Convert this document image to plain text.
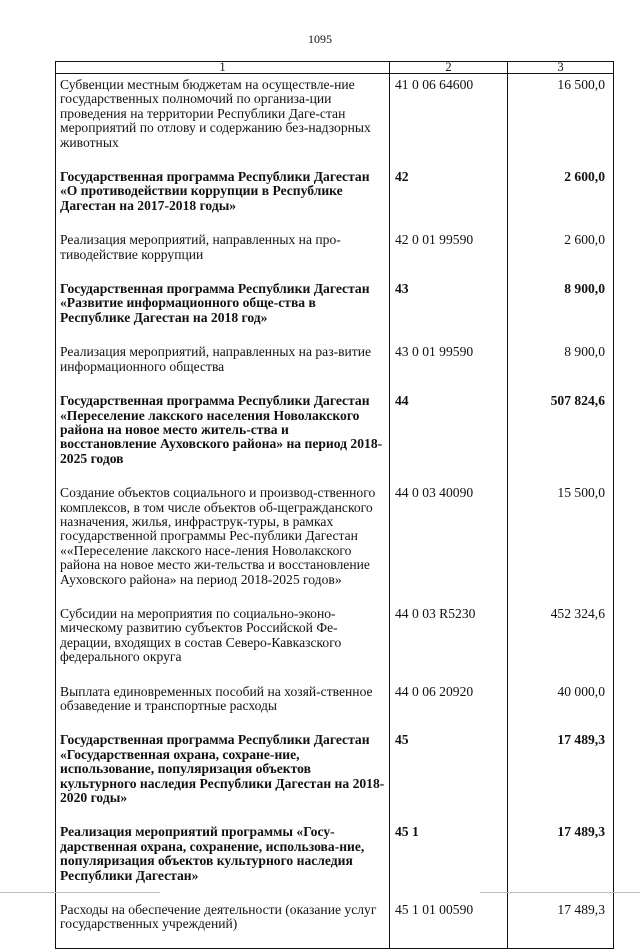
1095
1	2	3
Субвенции местным бюджетам на осуществле-ние государственных полномочий по организа-ции проведения на территории Республики Даге-стан мероприятий по отлову и содержанию без-надзорных животных	41 0 06 64600	16 500,0
Государственная программа Республики Дагестан «О противодействии коррупции в Республике Дагестан на 2017-2018 годы»	42	2 600,0
Реализация мероприятий, направленных на про-тиводействие коррупции	42 0 01 99590	2 600,0
Государственная программа Республики Дагестан «Развитие информационного обще-ства в Республике Дагестан на 2018 год»	43	8 900,0
Реализация мероприятий, направленных на раз-витие информационного общества	43 0 01 99590	8 900,0
Государственная программа Республики Дагестан «Переселение лакского населения Новолакского района на новое место житель-ства и восстановление Ауховского района» на период 2018-2025 годов	44	507 824,6
Создание объектов социального и производ-ственного комплексов, в том числе объектов об-щегражданского назначения, жилья, инфраструк-туры, в рамках государственной программы Рес-публики Дагестан ««Переселение лакского насе-ления Новолакского района на новое место жи-тельства и восстановление Ауховского района» на период 2018-2025 годов»	44 0 03 40090	15 500,0
Субсидии на мероприятия по социально-эконо-мическому развитию субъектов Российской Фе-дерации, входящих в состав Северо-Кавказского федерального округа	44 0 03 R5230	452 324,6
Выплата единовременных пособий на хозяй-ственное обзаведение и транспортные расходы	44 0 06 20920	40 000,0
Государственная программа Республики Дагестан «Государственная охрана, сохране-ние, использование, популяризация объектов культурного наследия Республики Дагестан на 2018-2020 годы»	45	17 489,3
Реализация мероприятий программы «Госу-дарственная охрана, сохранение, использова-ние, популяризация объектов культурного наследия Республики Дагестан»	45 1	17 489,3
Расходы на обеспечение деятельности (оказание услуг государственных учреждений)	45 1 01 00590	17 489,3
